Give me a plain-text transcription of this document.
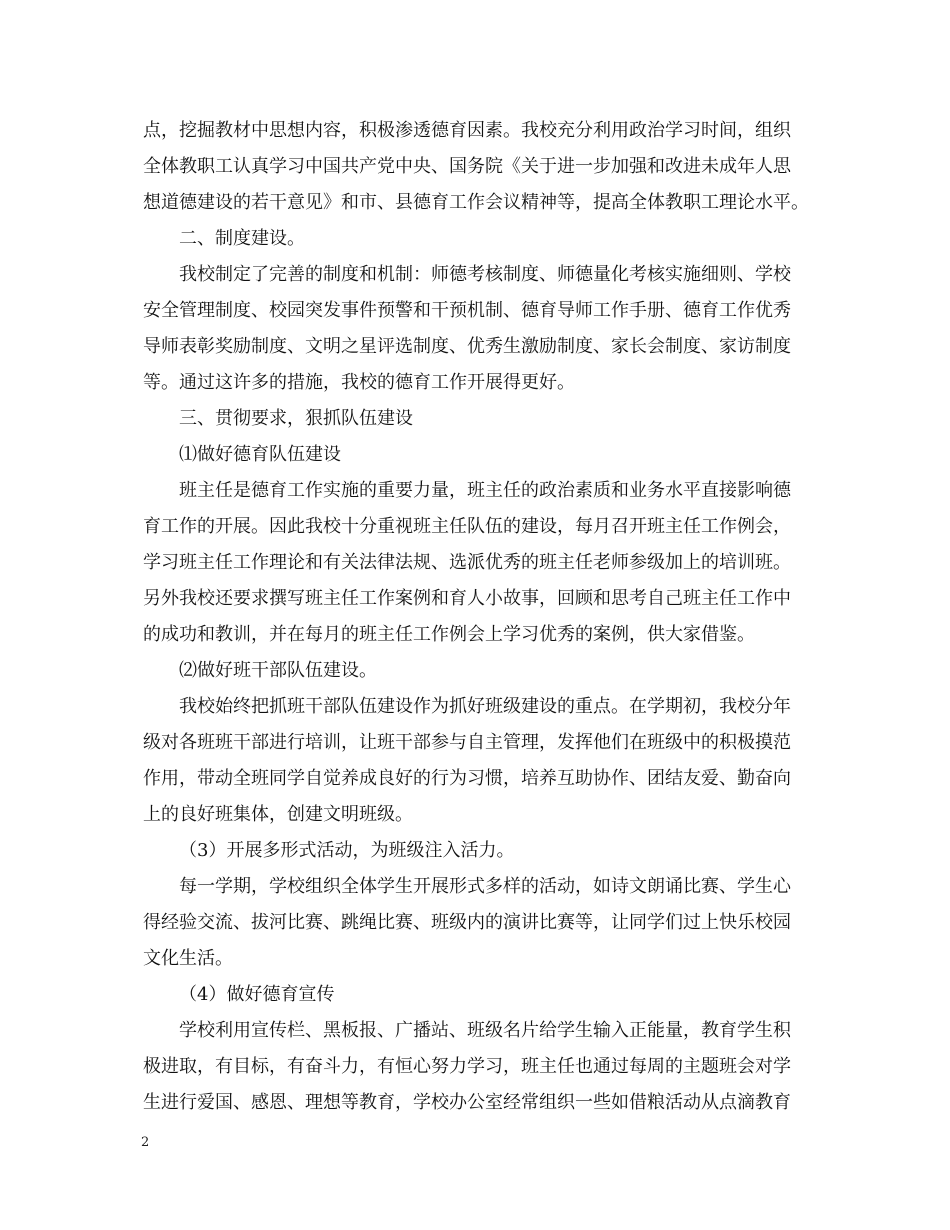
点，挖掘教材中思想内容，积极渗透德育因素。我校充分利用政治学习时间，组织
全体教职工认真学习中国共产党中央、国务院《关于进一步加强和改进未成年人思
想道德建设的若干意见》和市、县德育工作会议精神等，提高全体教职工理论水平。
二、制度建设。
我校制定了完善的制度和机制：师德考核制度、师德量化考核实施细则、学校
安全管理制度、校园突发事件预警和干预机制、德育导师工作手册、德育工作优秀
导师表彰奖励制度、文明之星评选制度、优秀生激励制度、家长会制度、家访制度
等。通过这许多的措施，我校的德育工作开展得更好。
三、贯彻要求，狠抓队伍建设
⑴做好德育队伍建设
班主任是德育工作实施的重要力量，班主任的政治素质和业务水平直接影响德
育工作的开展。因此我校十分重视班主任队伍的建设，每月召开班主任工作例会，
学习班主任工作理论和有关法律法规、选派优秀的班主任老师参级加上的培训班。
另外我校还要求撰写班主任工作案例和育人小故事，回顾和思考自己班主任工作中
的成功和教训，并在每月的班主任工作例会上学习优秀的案例，供大家借鉴。
⑵做好班干部队伍建设。
我校始终把抓班干部队伍建设作为抓好班级建设的重点。在学期初，我校分年
级对各班班干部进行培训，让班干部参与自主管理，发挥他们在班级中的积极摸范
作用，带动全班同学自觉养成良好的行为习惯，培养互助协作、团结友爱、勤奋向
上的良好班集体，创建文明班级。
（3）开展多形式活动，为班级注入活力。
每一学期，学校组织全体学生开展形式多样的活动，如诗文朗诵比赛、学生心
得经验交流、拔河比赛、跳绳比赛、班级内的演讲比赛等，让同学们过上快乐校园
文化生活。
（4）做好德育宣传
学校利用宣传栏、黑板报、广播站、班级名片给学生输入正能量，教育学生积
极进取，有目标，有奋斗力，有恒心努力学习，班主任也通过每周的主题班会对学
生进行爱国、感恩、理想等教育，学校办公室经常组织一些如借粮活动从点滴教育
2
